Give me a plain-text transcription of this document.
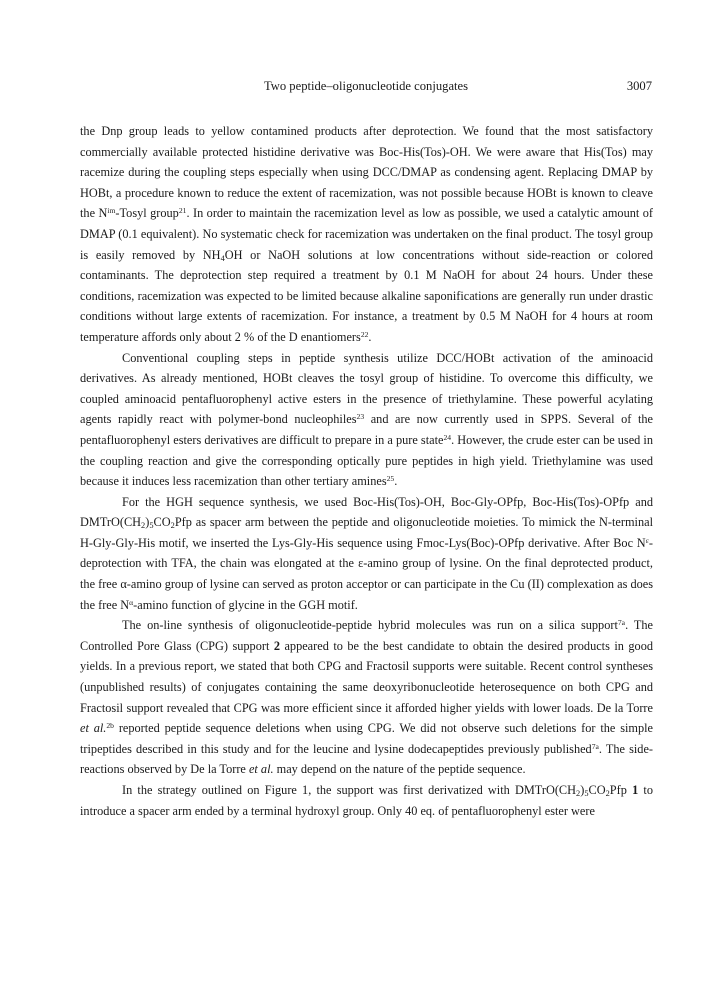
Two peptide–oligonucleotide conjugates	3007

the Dnp group leads to yellow contamined products after deprotection. We found that the most satisfactory commercially available protected histidine derivative was Boc-His(Tos)-OH. We were aware that His(Tos) may racemize during the coupling steps especially when using DCC/DMAP as condensing agent. Replacing DMAP by HOBt, a procedure known to reduce the extent of racemization, was not possible because HOBt is known to cleave the $N^{im}$-Tosyl group$^{21}$. In order to maintain the racemization level as low as possible, we used a catalytic amount of DMAP (0.1 equivalent). No systematic check for racemization was undertaken on the final product. The tosyl group is easily removed by $NH_4OH$ or NaOH solutions at low concentrations without side-reaction or colored contaminants. The deprotection step required a treatment by 0.1 M NaOH for about 24 hours. Under these conditions, racemization was expected to be limited because alkaline saponifications are generally run under drastic conditions without large extents of racemization. For instance, a treatment by 0.5 M NaOH for 4 hours at room temperature affords only about 2 % of the D enantiomers$^{22}$.

Conventional coupling steps in peptide synthesis utilize DCC/HOBt activation of the aminoacid derivatives. As already mentioned, HOBt cleaves the tosyl group of histidine. To overcome this difficulty, we coupled aminoacid pentafluorophenyl active esters in the presence of triethylamine. These powerful acylating agents rapidly react with polymer-bond nucleophiles$^{23}$ and are now currently used in SPPS. Several of the pentafluorophenyl esters derivatives are difficult to prepare in a pure state$^{24}$. However, the crude ester can be used in the coupling reaction and give the corresponding optically pure peptides in high yield. Triethylamine was used because it induces less racemization than other tertiary amines$^{25}$.

For the HGH sequence synthesis, we used Boc-His(Tos)-OH, Boc-Gly-OPfp, Boc-His(Tos)-OPfp and $DMTrO(CH_2)_5CO_2Pfp$ as spacer arm between the peptide and oligonucleotide moieties. To mimick the N-terminal H-Gly-Gly-His motif, we inserted the Lys-Gly-His sequence using Fmoc-Lys(Boc)-OPfp derivative. After Boc $N^\varepsilon$-deprotection with TFA, the chain was elongated at the ε-amino group of lysine. On the final deprotected product, the free α-amino group of lysine can served as proton acceptor or can participate in the Cu (II) complexation as does the free $N^\alpha$-amino function of glycine in the GGH motif.

The on-line synthesis of oligonucleotide-peptide hybrid molecules was run on a silica support$^{7a}$. The Controlled Pore Glass (CPG) support 2 appeared to be the best candidate to obtain the desired products in good yields. In a previous report, we stated that both CPG and Fractosil supports were suitable. Recent control syntheses (unpublished results) of conjugates containing the same deoxyribonucleotide heterosequence on both CPG and Fractosil support revealed that CPG was more efficient since it afforded higher yields with lower loads. De la Torre et al.$^{2b}$ reported peptide sequence deletions when using CPG. We did not observe such deletions for the simple tripeptides described in this study and for the leucine and lysine dodecapeptides previously published$^{7a}$. The side-reactions observed by De la Torre et al. may depend on the nature of the peptide sequence.

In the strategy outlined on Figure 1, the support was first derivatized with $DMTrO(CH_2)_5CO_2Pfp$ 1 to introduce a spacer arm ended by a terminal hydroxyl group. Only 40 eq. of pentafluorophenyl ester were
